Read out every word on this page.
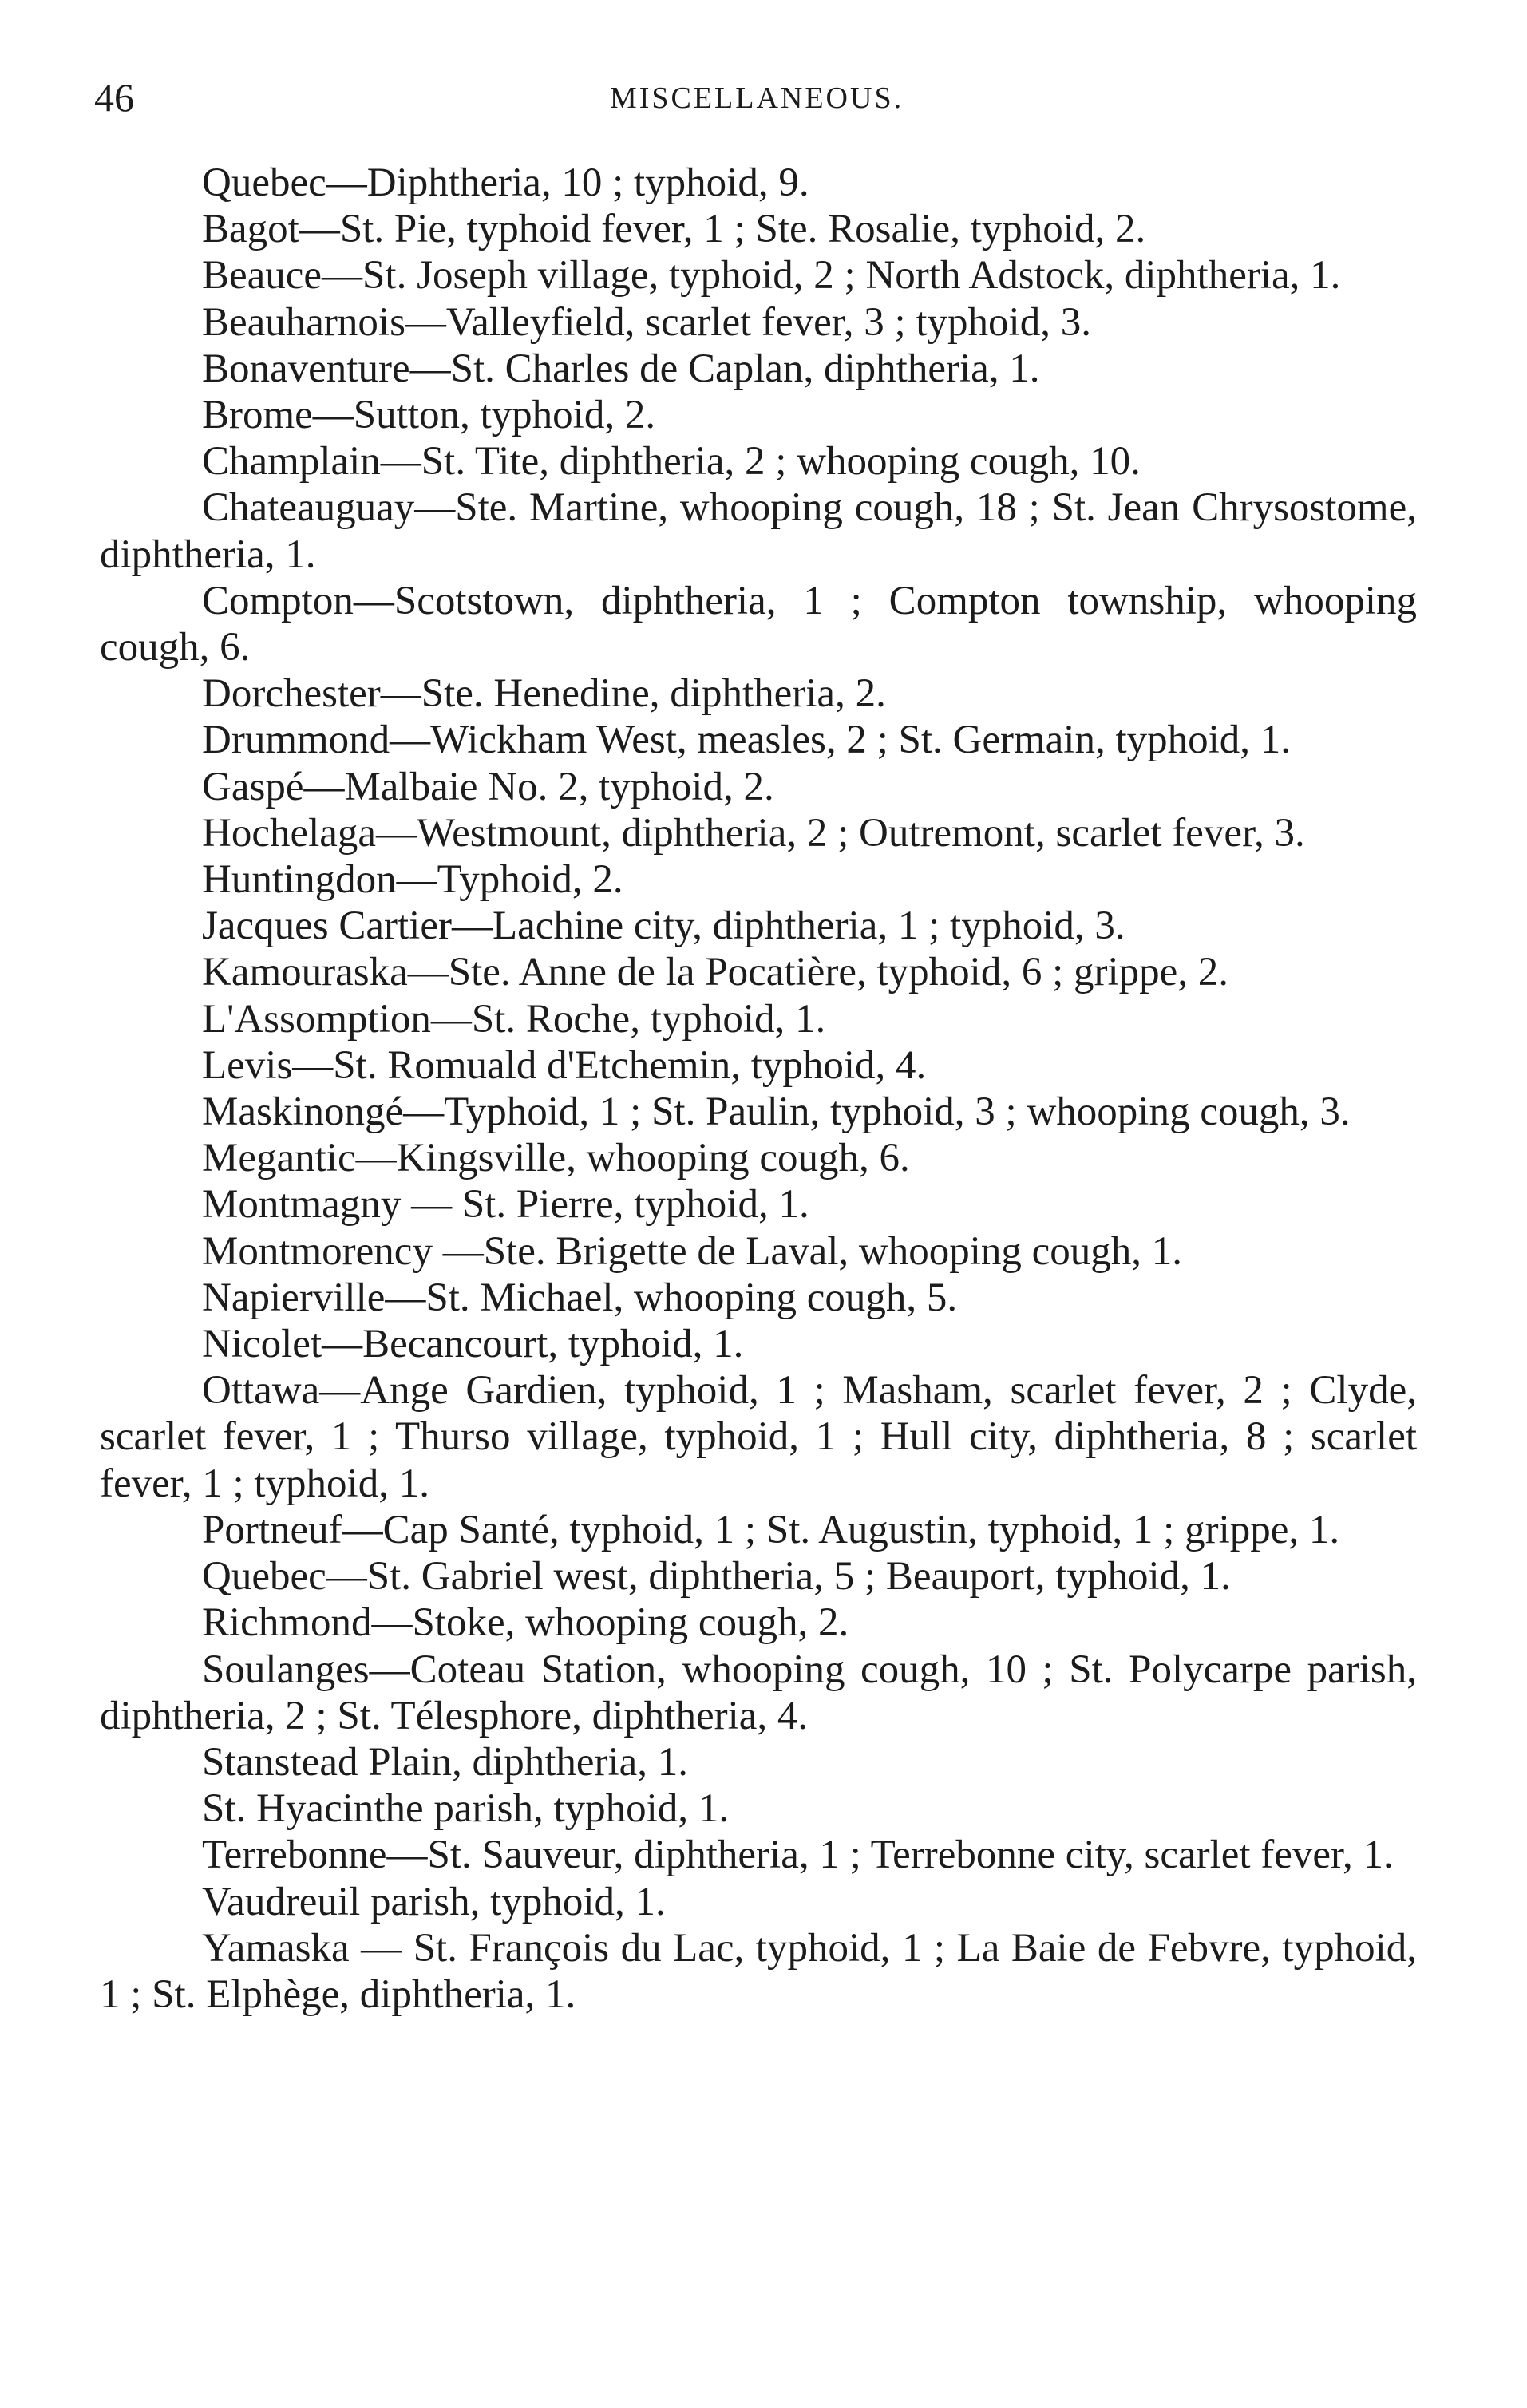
46	MISCELLANEOUS.

Quebec—Diphtheria, 10 ; typhoid, 9.

Bagot—St. Pie, typhoid fever, 1 ; Ste. Rosalie, typhoid, 2.

Beauce—St. Joseph village, typhoid, 2 ; North Adstock, diphtheria, 1.

Beauharnois—Valleyfield, scarlet fever, 3 ; typhoid, 3.

Bonaventure—St. Charles de Caplan, diphtheria, 1.

Brome—Sutton, typhoid, 2.

Champlain—St. Tite, diphtheria, 2 ; whooping cough, 10.

Chateauguay—Ste. Martine, whooping cough, 18 ; St. Jean Chrysostome, diphtheria, 1.

Compton—Scotstown, diphtheria, 1 ; Compton township, whooping cough, 6.

Dorchester—Ste. Henedine, diphtheria, 2.

Drummond—Wickham West, measles, 2 ; St. Germain, typhoid, 1.

Gaspé—Malbaie No. 2, typhoid, 2.

Hochelaga—Westmount, diphtheria, 2 ; Outremont, scarlet fever, 3.

Huntingdon—Typhoid, 2.

Jacques Cartier—Lachine city, diphtheria, 1 ; typhoid, 3.

Kamouraska—Ste. Anne de la Pocatière, typhoid, 6 ; grippe, 2.

L'Assomption—St. Roche, typhoid, 1.

Levis—St. Romuald d'Etchemin, typhoid, 4.

Maskinongé—Typhoid, 1 ; St. Paulin, typhoid, 3 ; whooping cough, 3.

Megantic—Kingsville, whooping cough, 6.

Montmagny — St. Pierre, typhoid, 1.

Montmorency —Ste. Brigette de Laval, whooping cough, 1.

Napierville—St. Michael, whooping cough, 5.

Nicolet—Becancourt, typhoid, 1.

Ottawa—Ange Gardien, typhoid, 1 ; Masham, scarlet fever, 2 ; Clyde, scarlet fever, 1 ; Thurso village, typhoid, 1 ; Hull city, diphtheria, 8 ; scarlet fever, 1 ; typhoid, 1.

Portneuf—Cap Santé, typhoid, 1 ; St. Augustin, typhoid, 1 ; grippe, 1.

Quebec—St. Gabriel west, diphtheria, 5 ; Beauport, typhoid, 1.

Richmond—Stoke, whooping cough, 2.

Soulanges—Coteau Station, whooping cough, 10 ; St. Polycarpe parish, diphtheria, 2 ; St. Télesphore, diphtheria, 4.

Stanstead Plain, diphtheria, 1.

St. Hyacinthe parish, typhoid, 1.

Terrebonne—St. Sauveur, diphtheria, 1 ; Terrebonne city, scarlet fever, 1.

Vaudreuil parish, typhoid, 1.

Yamaska — St. François du Lac, typhoid, 1 ; La Baie de Febvre, typhoid, 1 ; St. Elphège, diphtheria, 1.
